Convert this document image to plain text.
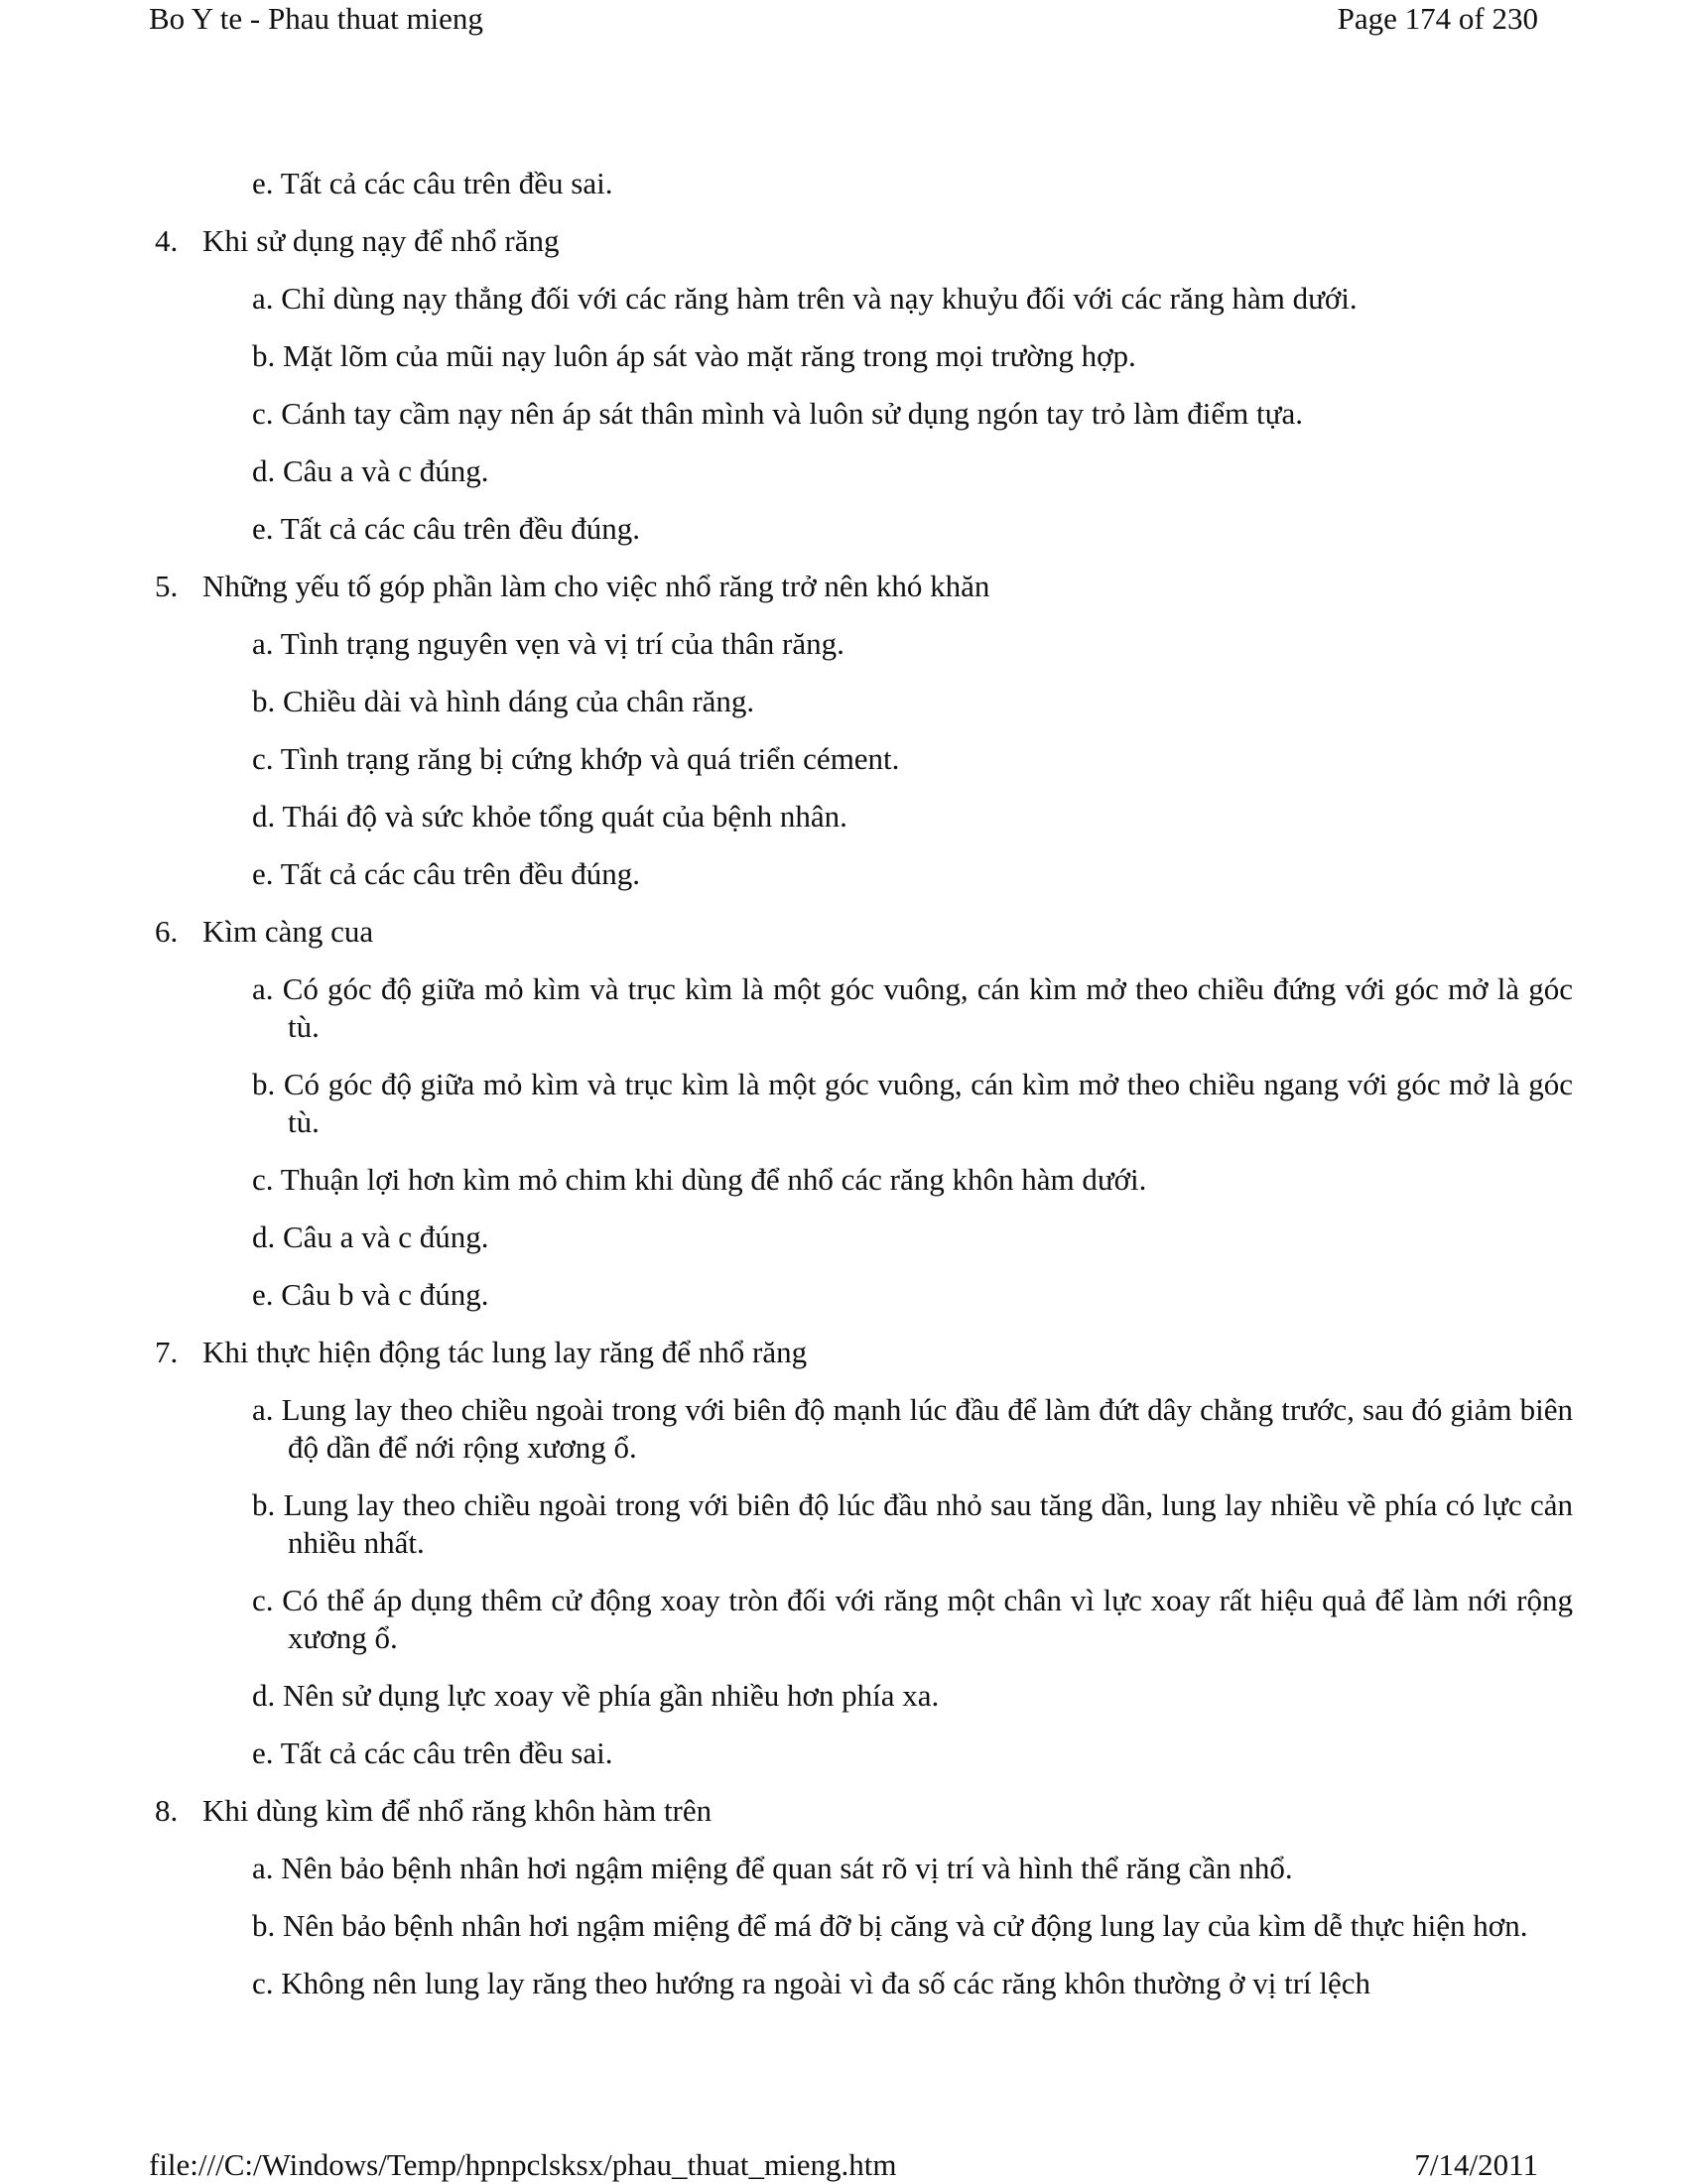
Bo Y te - Phau thuat mieng	Page 174 of 230
e. Tất cả các câu trên đều sai.
4. Khi sử dụng nạy để nhổ răng
a. Chỉ dùng nạy thẳng đối với các răng hàm trên và nạy khuỷu đối với các răng hàm dưới.
b. Mặt lõm của mũi nạy luôn áp sát vào mặt răng trong mọi trường hợp.
c. Cánh tay cầm nạy nên áp sát thân mình và luôn sử dụng ngón tay trỏ làm điểm tựa.
d. Câu a và c đúng.
e. Tất cả các câu trên đều đúng.
5. Những yếu tố góp phần làm cho việc nhổ răng trở nên khó khăn
a. Tình trạng nguyên vẹn và vị trí của thân răng.
b. Chiều dài và hình dáng của chân răng.
c. Tình trạng răng bị cứng khớp và quá triển cément.
d. Thái độ và sức khỏe tổng quát của bệnh nhân.
e. Tất cả các câu trên đều đúng.
6. Kìm càng cua
a. Có góc độ giữa mỏ kìm và trục kìm là một góc vuông, cán kìm mở theo chiều đứng với góc mở là góc tù.
b. Có góc độ giữa mỏ kìm và trục kìm là một góc vuông, cán kìm mở theo chiều ngang với góc mở là góc tù.
c. Thuận lợi hơn kìm mỏ chim khi dùng để nhổ các răng khôn hàm dưới.
d. Câu a và c đúng.
e. Câu b và c đúng.
7. Khi thực hiện động tác lung lay răng để nhổ răng
a. Lung lay theo chiều ngoài trong với biên độ mạnh lúc đầu để làm đứt dây chằng trước, sau đó giảm biên độ dần để nới rộng xương ổ.
b. Lung lay theo chiều ngoài trong với biên độ lúc đầu nhỏ sau tăng dần, lung lay nhiều về phía có lực cản nhiều nhất.
c. Có thể áp dụng thêm cử động xoay tròn đối với răng một chân vì lực xoay rất hiệu quả để làm nới rộng xương ổ.
d. Nên sử dụng lực xoay về phía gần nhiều hơn phía xa.
e. Tất cả các câu trên đều sai.
8. Khi dùng kìm để nhổ răng khôn hàm trên
a. Nên bảo bệnh nhân hơi ngậm miệng để quan sát rõ vị trí và hình thể răng cần nhổ.
b. Nên bảo bệnh nhân hơi ngậm miệng để má đỡ bị căng và cử động lung lay của kìm dễ thực hiện hơn.
c. Không nên lung lay răng theo hướng ra ngoài vì đa số các răng khôn thường ở vị trí lệch
file:///C:/Windows/Temp/hpnpclsksx/phau_thuat_mieng.htm	7/14/2011
